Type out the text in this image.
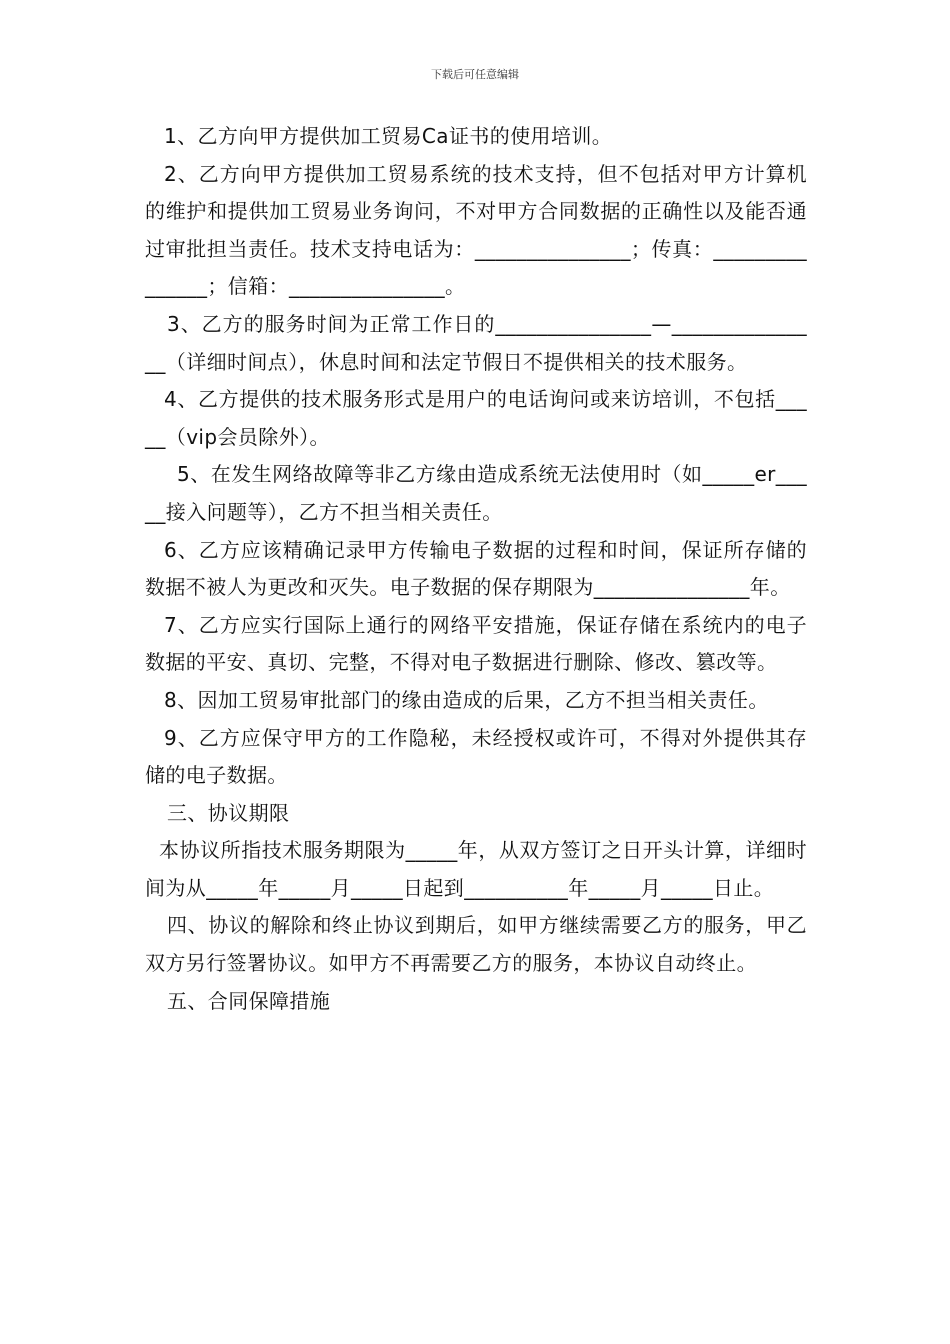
下载后可任意编辑

1、乙方向甲方提供加工贸易Ca证书的使用培训。

2、乙方向甲方提供加工贸易系统的技术支持，但不包括对甲方计算机的维护和提供加工贸易业务询问，不对甲方合同数据的正确性以及能否通过审批担当责任。技术支持电话为：_______________；传真：_______________；信箱：_______________。

3、乙方的服务时间为正常工作日的_______________—_______________（详细时间点），休息时间和法定节假日不提供相关的技术服务。

4、乙方提供的技术服务形式是用户的电话询问或来访培训，不包括_____（vip会员除外）。

5、在发生网络故障等非乙方缘由造成系统无法使用时（如_____er_____接入问题等），乙方不担当相关责任。

6、乙方应该精确记录甲方传输电子数据的过程和时间，保证所存储的数据不被人为更改和灭失。电子数据的保存期限为_______________年。

7、乙方应实行国际上通行的网络平安措施，保证存储在系统内的电子数据的平安、真切、完整，不得对电子数据进行删除、修改、篡改等。

8、因加工贸易审批部门的缘由造成的后果，乙方不担当相关责任。

9、乙方应保守甲方的工作隐秘，未经授权或许可，不得对外提供其存储的电子数据。

三、协议期限

本协议所指技术服务期限为_____年，从双方签订之日开头计算，详细时间为从_____年_____月_____日起到__________年_____月_____日止。

四、协议的解除和终止协议到期后，如甲方继续需要乙方的服务，甲乙双方另行签署协议。如甲方不再需要乙方的服务，本协议自动终止。

五、合同保障措施
